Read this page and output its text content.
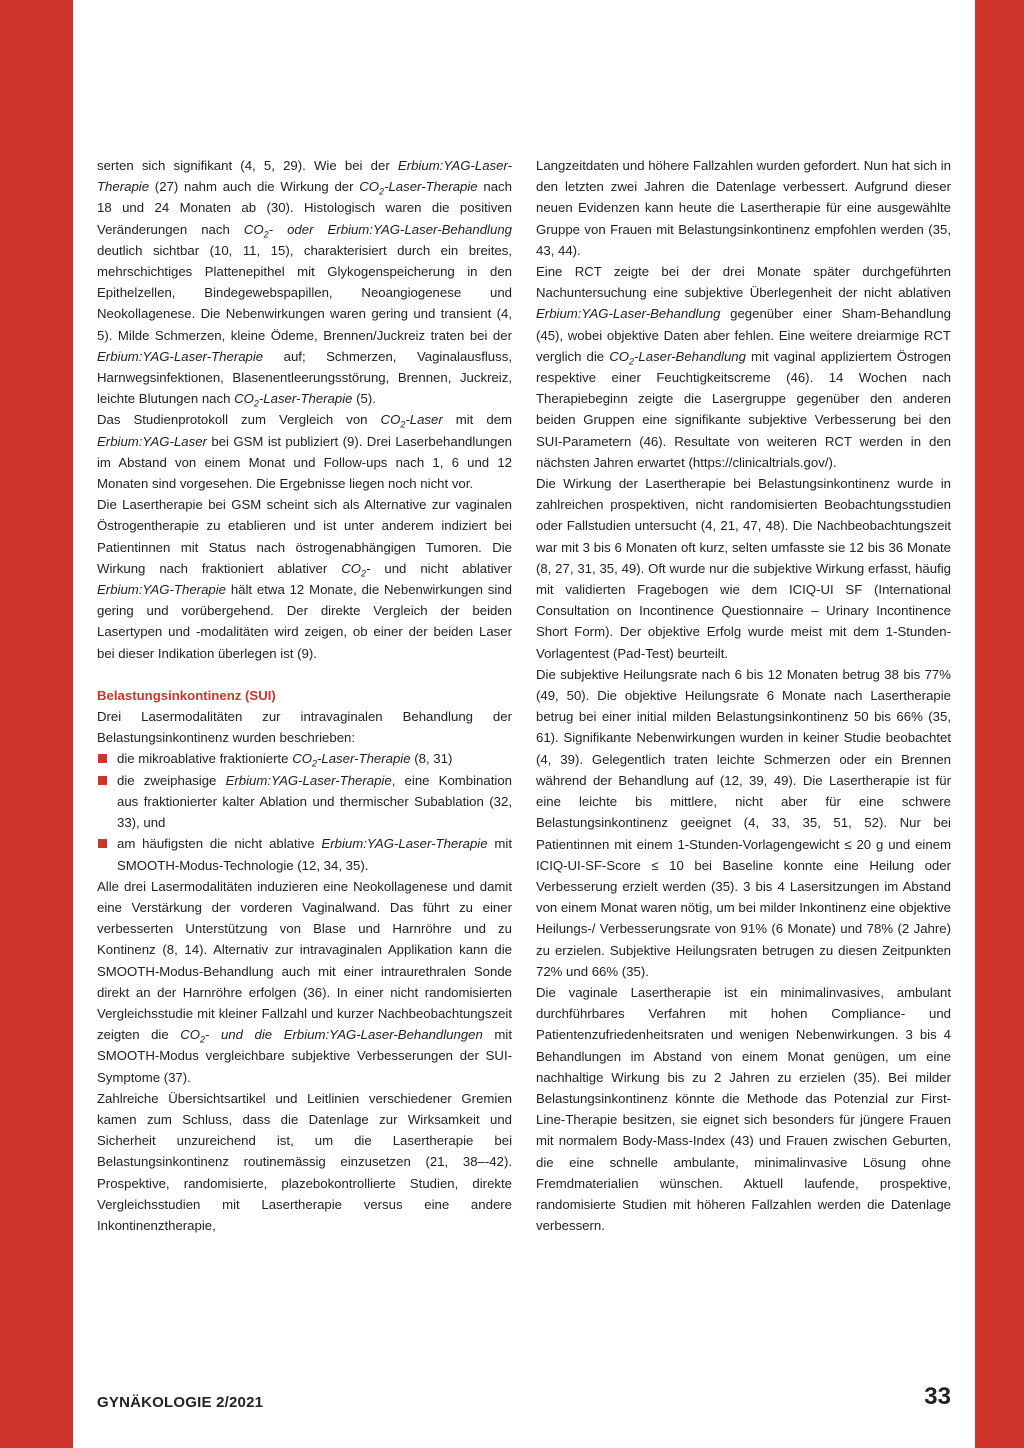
Ib/A
IIb/B

serten sich signifikant (4, 5, 29). Wie bei der Erbium:YAG-Laser-Therapie (27) nahm auch die Wirkung der $CO_2-Laser$-Therapie nach 18 und 24 Monaten ab (30). Histologisch waren die positiven Veränderungen nach $CO_2-$ oder Erbium:YAG-Laser-Behandlung deutlich sichtbar (10, 11, 15), charakterisiert durch ein breites, mehrschichtiges Plattenepithel mit Glykogenspeicherung in den Epithelzellen, Bindegewebspapillen, Neoangiogenese und Neokollagenese. Die Nebenwirkungen waren gering und transient (4, 5). Milde Schmerzen, kleine Ödeme, Brennen/Juckreiz traten bei der Erbium:YAG-Laser-Therapie auf; Schmerzen, Vaginalausfluss, Harnwegsinfektionen, Blasenentleerungsstörung, Brennen, Juckreiz, leichte Blutungen nach $CO_2-Laser$-Therapie (5).

Das Studienprotokoll zum Vergleich von $CO_2$-Laser mit dem Erbium:YAG-Laser bei GSM ist publiziert (9). Drei Laserbehandlungen im Abstand von einem Monat und Follow-ups nach 1, 6 und 12 Monaten sind vorgesehen. Die Ergebnisse liegen noch nicht vor.

Die Lasertherapie bei GSM scheint sich als Alternative zur vaginalen Östrogentherapie zu etablieren und ist unter anderem indiziert bei Patientinnen mit Status nach östrogenabhängigen Tumoren. Die Wirkung nach fraktioniert ablativer $CO_2-$ und nicht ablativer Erbium:YAG-Therapie hält etwa 12 Monate, die Nebenwirkungen sind gering und vorübergehend. Der direkte Vergleich der beiden Lasertypen und -modalitäten wird zeigen, ob einer der beiden Laser bei dieser Indikation überlegen ist (9).

Belastungsinkontinenz (SUI)

Drei Lasermodalitäten zur intravaginalen Behandlung der Belastungsinkontinenz wurden beschrieben:

die mikroablative fraktionierte $CO_2-Laser$-Therapie (8, 31)
die zweiphasige Erbium:YAG-Laser-Therapie, eine Kombination aus fraktionierter kalter Ablation und thermischer Subablation (32, 33), und
am häufigsten die nicht ablative Erbium:YAG-Laser-Therapie mit SMOOTH-Modus-Technologie (12, 34, 35).

Alle drei Lasermodalitäten induzieren eine Neokollagenese und damit eine Verstärkung der vorderen Vaginalwand. Das führt zu einer verbesserten Unterstützung von Blase und Harnröhre und zu Kontinenz (8, 14). Alternativ zur intravaginalen Applikation kann die SMOOTH-Modus-Behandlung auch mit einer intraurethralen Sonde direkt an der Harnröhre erfolgen (36). In einer nicht randomisierten Vergleichsstudie mit kleiner Fallzahl und kurzer Nachbeobachtungszeit zeigten die $CO_2-$ und die Erbium:YAG-Laser-Behandlungen mit SMOOTH-Modus vergleichbare subjektive Verbesserungen der SUI-Symptome (37).

Zahlreiche Übersichtsartikel und Leitlinien verschiedener Gremien kamen zum Schluss, dass die Datenlage zur Wirksamkeit und Sicherheit unzureichend ist, um die Lasertherapie bei Belastungsinkontinenz routinemässig einzusetzen (21, 38–-42). Prospektive, randomisierte, plazebokontrollierte Studien, direkte Vergleichsstudien mit Lasertherapie versus eine andere Inkontinenztherapie,

Langzeitdaten und höhere Fallzahlen wurden gefordert. Nun hat sich in den letzten zwei Jahren die Datenlage verbessert. Aufgrund dieser neuen Evidenzen kann heute die Lasertherapie für eine ausgewählte Gruppe von Frauen mit Belastungsinkontinenz empfohlen werden (35, 43, 44).

Eine RCT zeigte bei der drei Monate später durchgeführten Nachuntersuchung eine subjektive Überlegenheit der nicht ablativen Erbium:YAG-Laser-Behandlung gegenüber einer Sham-Behandlung (45), wobei objektive Daten aber fehlen. Eine weitere dreiarmige RCT verglich die $CO_2-Laser$-Behandlung mit vaginal appliziertem Östrogen respektive einer Feuchtigkeitscreme (46). 14 Wochen nach Therapiebeginn zeigte die Lasergruppe gegenüber den anderen beiden Gruppen eine signifikante subjektive Verbesserung bei den SUI-Parametern (46). Resultate von weiteren RCT werden in den nächsten Jahren erwartet (https://clinicaltrials.gov/).

Die Wirkung der Lasertherapie bei Belastungsinkontinenz wurde in zahlreichen prospektiven, nicht randomisierten Beobachtungsstudien oder Fallstudien untersucht (4, 21, 47, 48). Die Nachbeobachtungszeit war mit 3 bis 6 Monaten oft kurz, selten umfasste sie 12 bis 36 Monate (8, 27, 31, 35, 49). Oft wurde nur die subjektive Wirkung erfasst, häufig mit validierten Fragebogen wie dem ICIQ-UI SF (International Consultation on Incontinence Questionnaire – Urinary Incontinence Short Form). Der objektive Erfolg wurde meist mit dem 1-Stunden-Vorlagentest (Pad-Test) beurteilt.

Die subjektive Heilungsrate nach 6 bis 12 Monaten betrug 38 bis 77% (49, 50). Die objektive Heilungsrate 6 Monate nach Lasertherapie betrug bei einer initial milden Belastungsinkontinenz 50 bis 66% (35, 61). Signifikante Nebenwirkungen wurden in keiner Studie beobachtet (4, 39). Gelegentlich traten leichte Schmerzen oder ein Brennen während der Behandlung auf (12, 39, 49). Die Lasertherapie ist für eine leichte bis mittlere, nicht aber für eine schwere Belastungsinkontinenz geeignet (4, 33, 35, 51, 52). Nur bei Patientinnen mit einem 1-Stunden-Vorlagengewicht ≤ 20 g und einem ICIQ-UI-SF-Score ≤ 10 bei Baseline konnte eine Heilung oder Verbesserung erzielt werden (35). 3 bis 4 Lasersitzungen im Abstand von einem Monat waren nötig, um bei milder Inkontinenz eine objektive Heilungs-/ Verbesserungsrate von 91% (6 Monate) und 78% (2 Jahre) zu erzielen. Subjektive Heilungsraten betrugen zu diesen Zeitpunkten 72% und 66% (35).

Die vaginale Lasertherapie ist ein minimalinvasives, ambulant durchführbares Verfahren mit hohen Compliance- und Patientenzufriedenheitsraten und wenigen Nebenwirkungen. 3 bis 4 Behandlungen im Abstand von einem Monat genügen, um eine nachhaltige Wirkung bis zu 2 Jahren zu erzielen (35). Bei milder Belastungsinkontinenz könnte die Methode das Potenzial zur First-Line-Therapie besitzen, sie eignet sich besonders für jüngere Frauen mit normalem Body-Mass-Index (43) und Frauen zwischen Geburten, die eine schnelle ambulante, minimalinvasive Lösung ohne Fremdmaterialien wünschen. Aktuell laufende, prospektive, randomisierte Studien mit höheren Fallzahlen werden die Datenlage verbessern.

GYNÄKOLOGIE 2/2021	33
